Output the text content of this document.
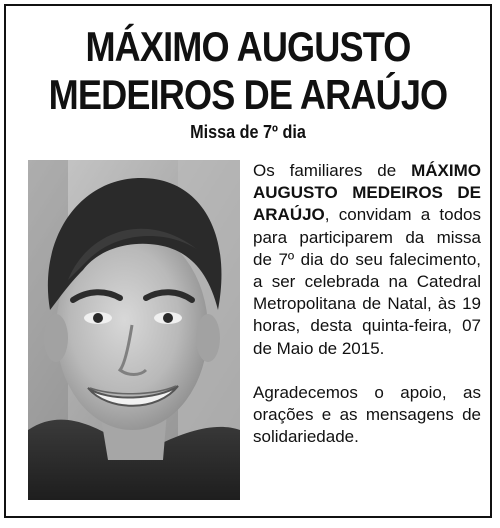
MÁXIMO AUGUSTO
MEDEIROS DE ARAÚJO
Missa de 7º dia

Os familiares de MÁXIMO AUGUSTO MEDEIROS DE ARAÚJO, convidam a todos para participarem da missa de 7º dia do seu falecimento, a ser celebrada na Catedral Metropolitana de Natal, às 19 horas, desta quinta-feira, 07 de Maio de 2015.

Agradecemos o apoio, as orações e as mensagens de solidariedade.
